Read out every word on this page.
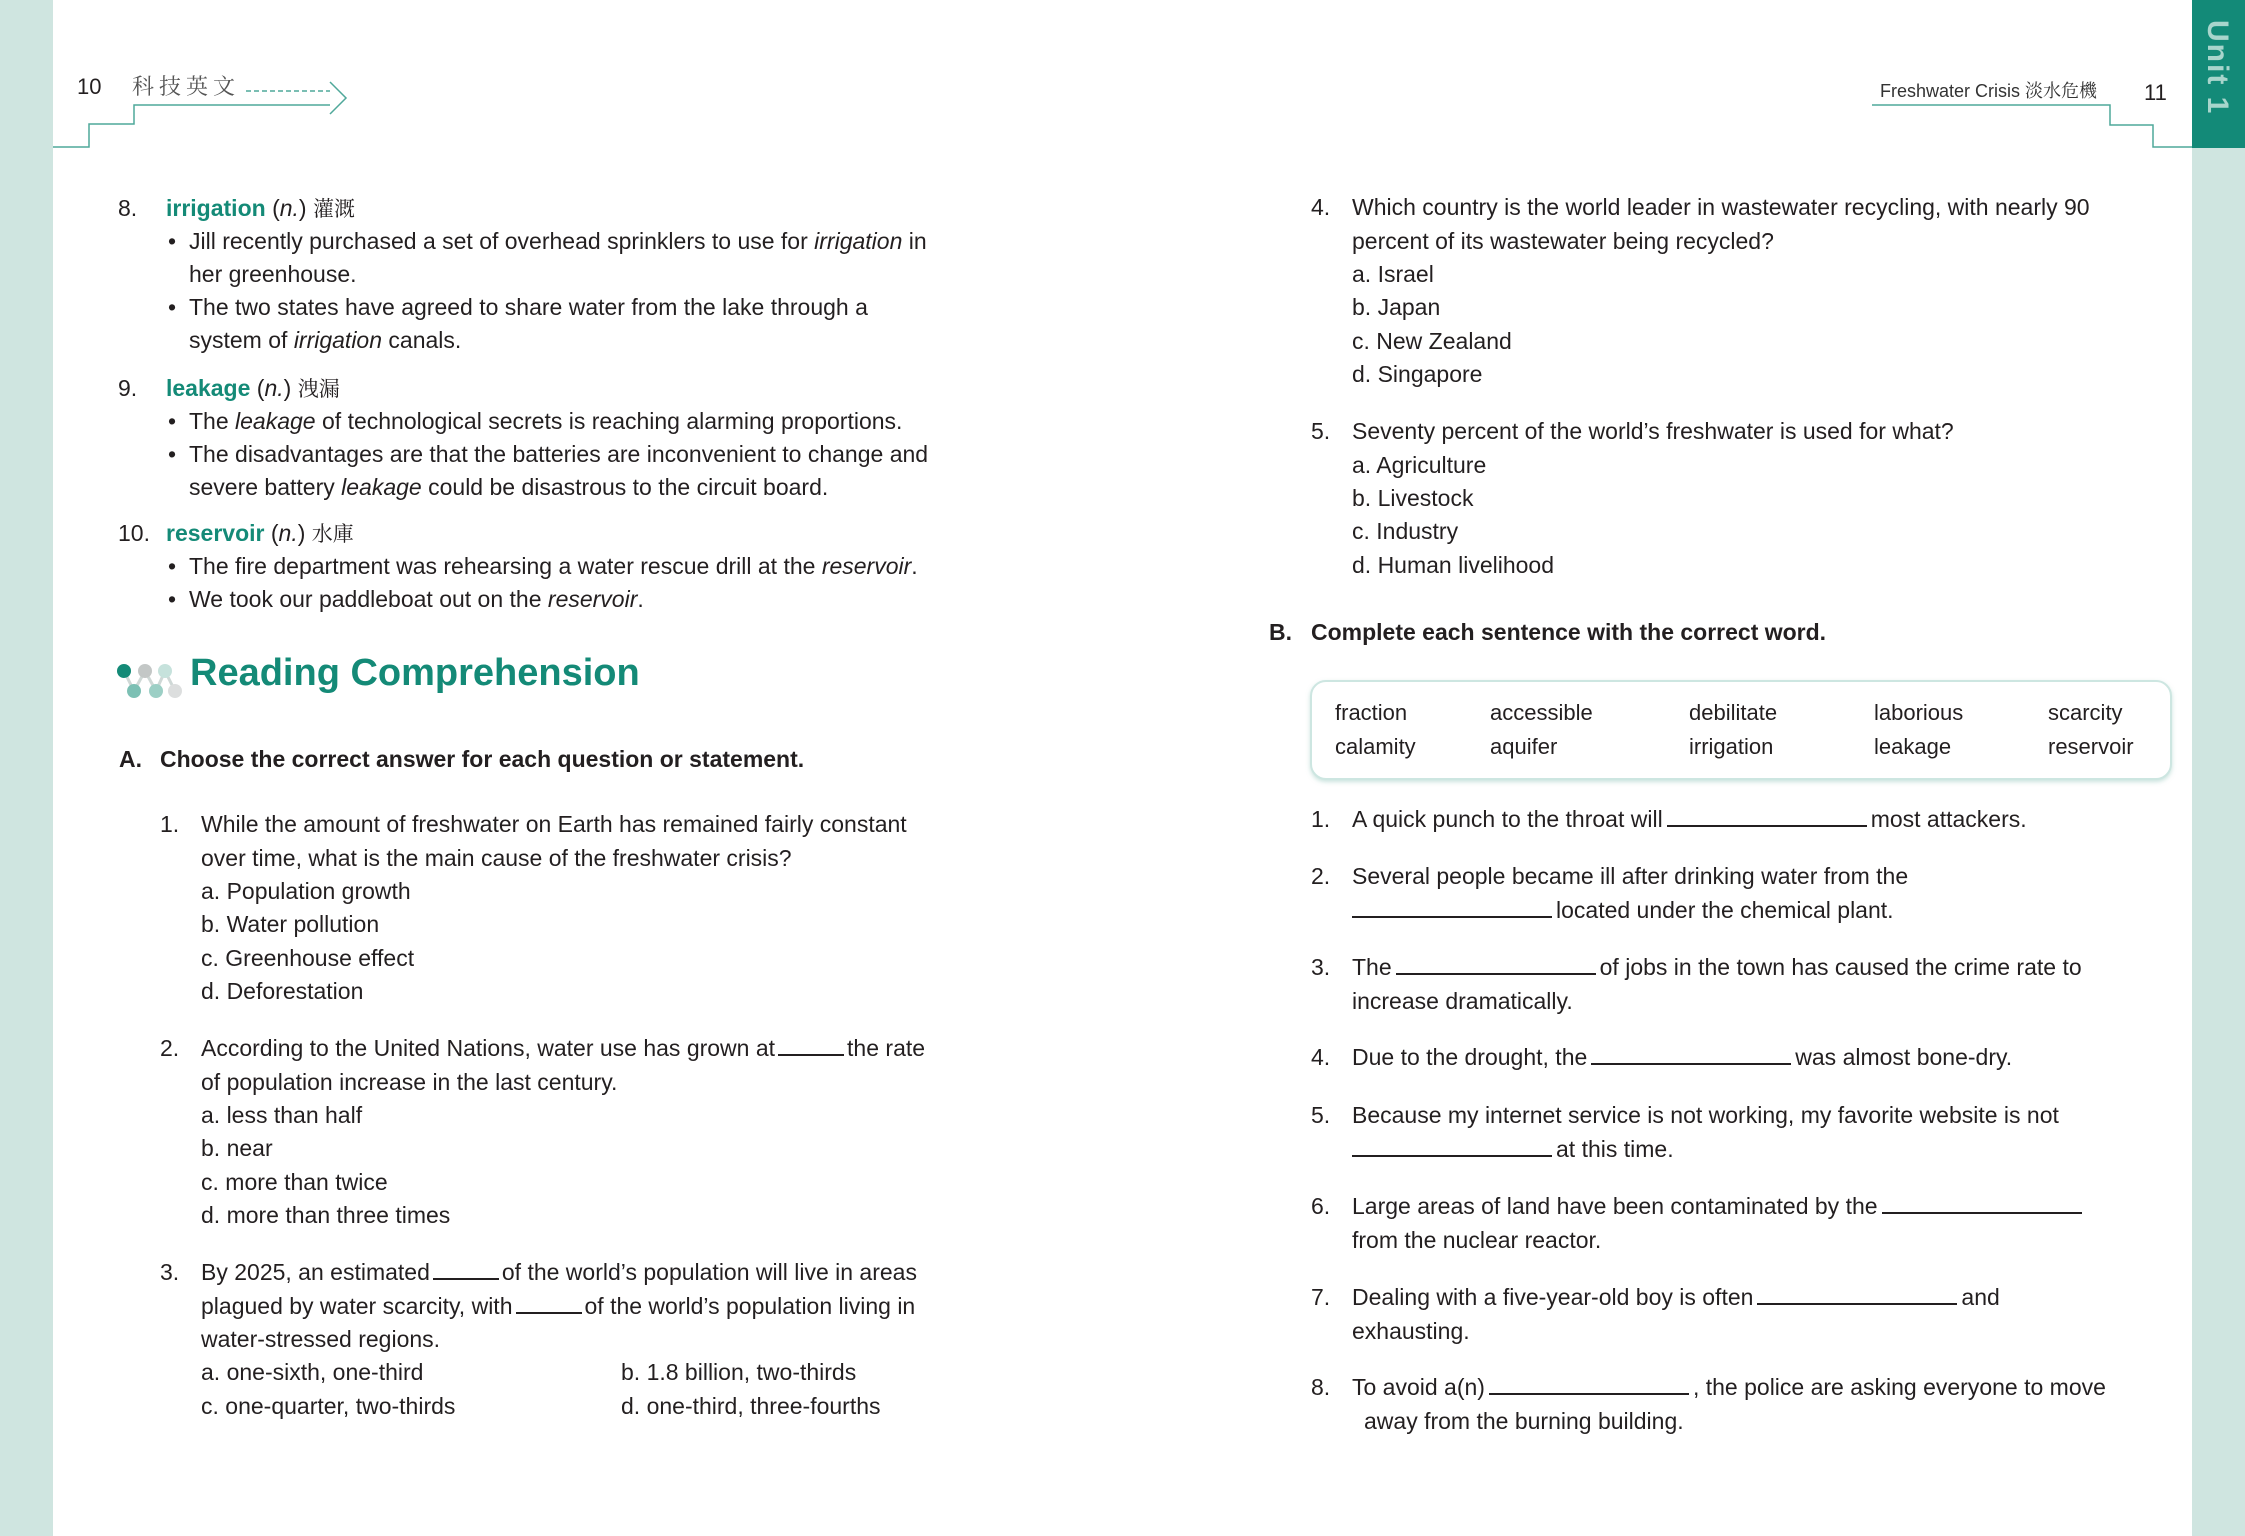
Unit 1
10 科技英文	Freshwater Crisis 淡水危機 11
8. irrigation (n.) 灌溉
• Jill recently purchased a set of overhead sprinklers to use for irrigation in
her greenhouse.
• The two states have agreed to share water from the lake through a
system of irrigation canals.
9. leakage (n.) 洩漏
• The leakage of technological secrets is reaching alarming proportions.
• The disadvantages are that the batteries are inconvenient to change and
severe battery leakage could be disastrous to the circuit board.
10. reservoir (n.) 水庫
• The fire department was rehearsing a water rescue drill at the reservoir.
• We took our paddleboat out on the reservoir.
Reading Comprehension
A. Choose the correct answer for each question or statement.
1. While the amount of freshwater on Earth has remained fairly constant
over time, what is the main cause of the freshwater crisis?
a. Population growth
b. Water pollution
c. Greenhouse effect
d. Deforestation
2. According to the United Nations, water use has grown at	the rate
of population increase in the last century.
a. less than half
b. near
c. more than twice
d. more than three times
3. By 2025, an estimated	of the world’s population will live in areas
plagued by water scarcity, with	of the world’s population living in
water-stressed regions.
a. one-sixth, one-third	b. 1.8 billion, two-thirds
c. one-quarter, two-thirds	d. one-third, three-fourths
4. Which country is the world leader in wastewater recycling, with nearly 90
percent of its wastewater being recycled?
a. Israel
b. Japan
c. New Zealand
d. Singapore
5. Seventy percent of the world’s freshwater is used for what?
a. Agriculture
b. Livestock
c. Industry
d. Human livelihood
B. Complete each sentence with the correct word.
fraction	accessible	debilitate	laborious	scarcity
calamity	aquifer	irrigation	leakage	reservoir
1. A quick punch to the throat will	most attackers.
2. Several people became ill after drinking water from the
located under the chemical plant.
3. The	of jobs in the town has caused the crime rate to
increase dramatically.
4. Due to the drought, the	was almost bone-dry.
5. Because my internet service is not working, my favorite website is not
at this time.
6. Large areas of land have been contaminated by the
from the nuclear reactor.
7. Dealing with a five-year-old boy is often	and
exhausting.
8. To avoid a(n)	, the police are asking everyone to move
away from the burning building.
